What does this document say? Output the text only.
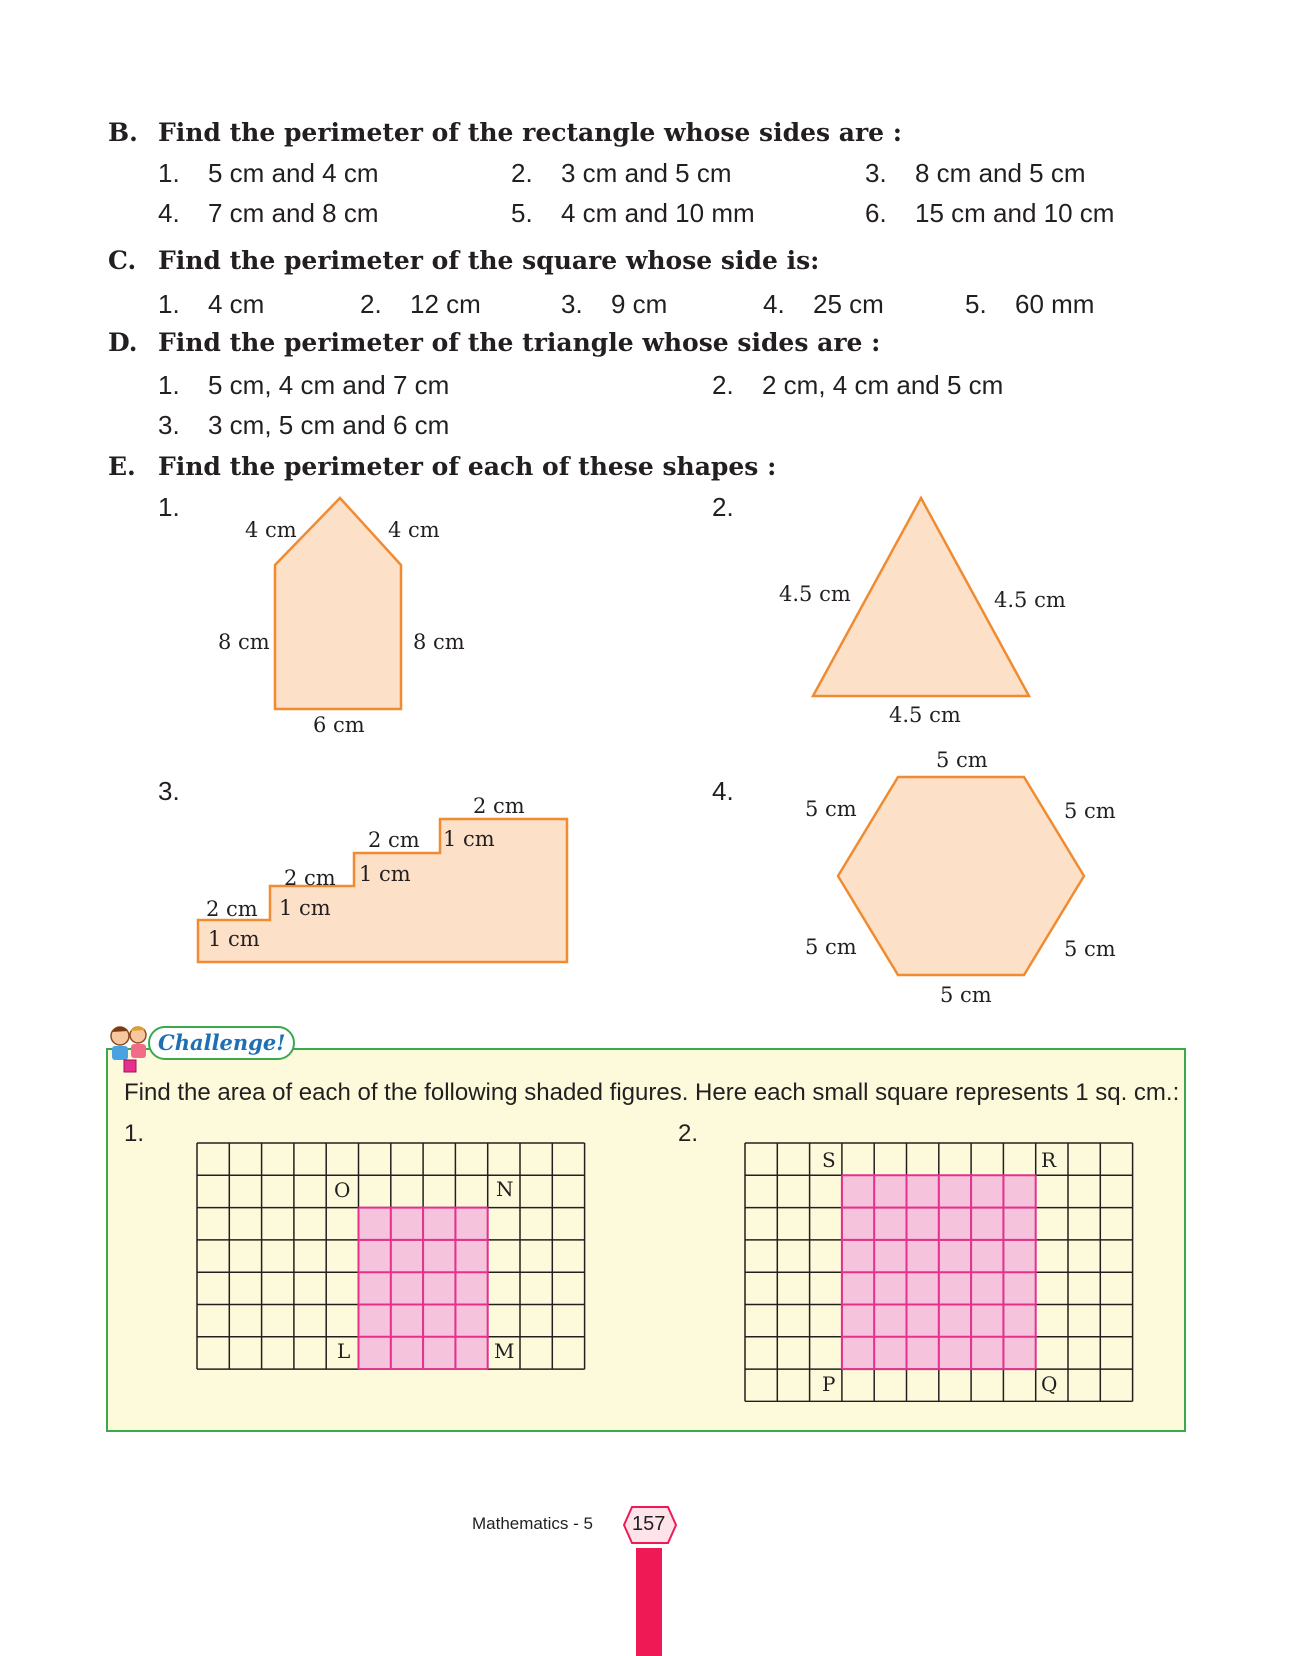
B. Find the perimeter of the rectangle whose sides are :
1. 5 cm and 4 cm	2. 3 cm and 5 cm	3. 8 cm and 5 cm
4. 7 cm and 8 cm	5. 4 cm and 10 mm	6. 15 cm and 10 cm
C. Find the perimeter of the square whose side is:
1. 4 cm	2. 12 cm	3. 9 cm	4. 25 cm	5. 60 mm
D. Find the perimeter of the triangle whose sides are :
1. 5 cm, 4 cm and 7 cm	2. 2 cm, 4 cm and 5 cm
3. 3 cm, 5 cm and 6 cm
E. Find the perimeter of each of these shapes :
1.	2.
3.	4.
4 cm	4 cm
8 cm	8 cm
6 cm
4.5 cm	4.5 cm
4.5 cm
2 cm
1 cm
2 cm
1 cm
2 cm
1 cm
2 cm
1 cm
5 cm
5 cm	5 cm
5 cm	5 cm
5 cm
Challenge!
Find the area of each of the following shaded figures. Here each small square represents 1 sq. cm.:
1.	2.
O	N
L	M
S	R
P	Q
Mathematics - 5 157
